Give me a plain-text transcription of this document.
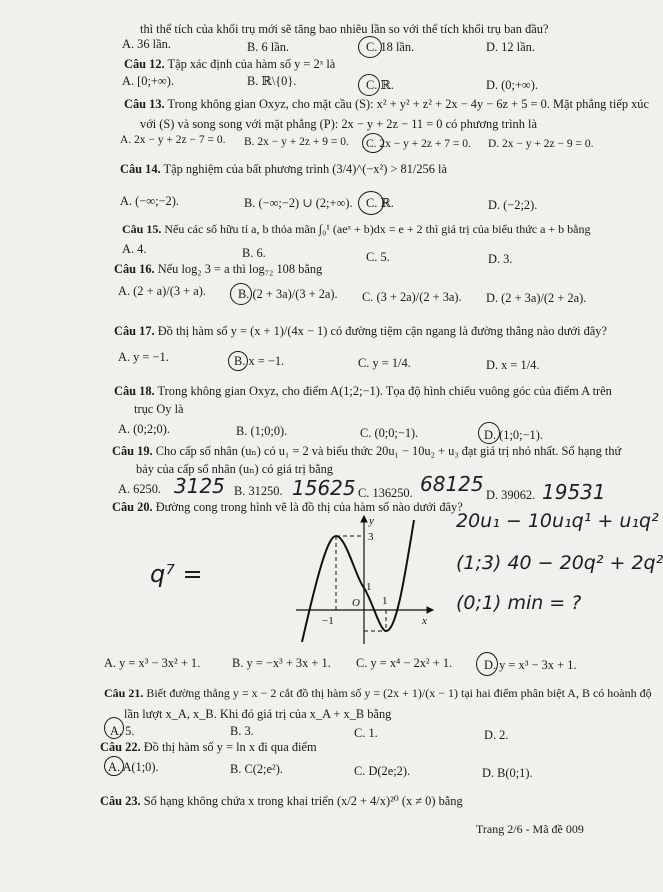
thì thể tích của khối trụ mới sẽ tăng bao nhiêu lần so với thể tích khối trụ ban đầu?
A. 36 lần.	B. 6 lần.	C. 18 lần.	D. 12 lần.
Câu 12. Tập xác định của hàm số y = 2ˣ là
A. [0;+∞).	B. ℝ\{0}.	C. ℝ.	D. (0;+∞).
Câu 13. Trong không gian Oxyz, cho mặt cầu (S): x² + y² + z² + 2x − 4y − 6z + 5 = 0. Mặt phẳng tiếp xúc
với (S) và song song với mặt phẳng (P): 2x − y + 2z − 11 = 0 có phương trình là
A. 2x − y + 2z − 7 = 0. B. 2x − y + 2z + 9 = 0. C. 2x − y + 2z + 7 = 0. D. 2x − y + 2z − 9 = 0.
Câu 14. Tập nghiệm của bất phương trình (3/4)^(−x²) > 81/256 là
A. (−∞;−2).	B. (−∞;−2) ∪ (2;+∞). C. ℝ.	D. (−2;2).
Câu 15. Nếu các số hữu tỉ a, b thỏa mãn ∫₀¹ (aeˣ + b)dx = e + 2 thì giá trị của biểu thức a + b bằng
A. 4.	B. 6.	C. 5.	D. 3.
Câu 16. Nếu log₂ 3 = a thì log₇₂ 108 bằng
A. (2 + a)/(3 + a).	B. (2 + 3a)/(3 + 2a). C. (3 + 2a)/(2 + 3a). D. (2 + 3a)/(2 + 2a).
Câu 17. Đồ thị hàm số y = (x + 1)/(4x − 1) có đường tiệm cận ngang là đường thẳng nào dưới đây?
A. y = −1.	B. x = −1.	C. y = 1/4.	D. x = 1/4.
Câu 18. Trong không gian Oxyz, cho điểm A(1;2;−1). Tọa độ hình chiếu vuông góc của điểm A trên
trục Oy là
A. (0;2;0).	B. (1;0;0).	C. (0;0;−1).	D. (1;0;−1).
Câu 19. Cho cấp số nhân (uₙ) có u₁ = 2 và biểu thức 20u₁ − 10u₂ + u₃ đạt giá trị nhỏ nhất. Số hạng thứ
bảy của cấp số nhân (uₙ) có giá trị bằng
A. 6250.	B. 31250.	C. 136250.	D. 39062.
3125	15625	68125	19531
Câu 20. Đường cong trong hình vẽ là đồ thị của hàm số nào dưới đây?
y
x
O
3
1
1
−1
q⁷ =
20u₁ − 10u₁q¹ + u₁q²
(1;3) 40 − 20q² + 2q²
(0;1) min = ?
A. y = x³ − 3x² + 1.	B. y = −x³ + 3x + 1. C. y = x⁴ − 2x² + 1.	D. y = x³ − 3x + 1.
Câu 21. Biết đường thẳng y = x − 2 cắt đồ thị hàm số y = (2x + 1)/(x − 1) tại hai điểm phân biệt A, B có hoành độ
lần lượt x_A, x_B. Khi đó giá trị của x_A + x_B bằng
A. 5.	B. 3.	C. 1.	D. 2.
Câu 22. Đồ thị hàm số y = ln x đi qua điểm
A. A(1;0).	B. C(2;e²).	C. D(2e;2).	D. B(0;1).
Câu 23. Số hạng không chứa x trong khai triển (x/2 + 4/x)²⁰ (x ≠ 0) bằng
Trang 2/6 - Mã đề 009
